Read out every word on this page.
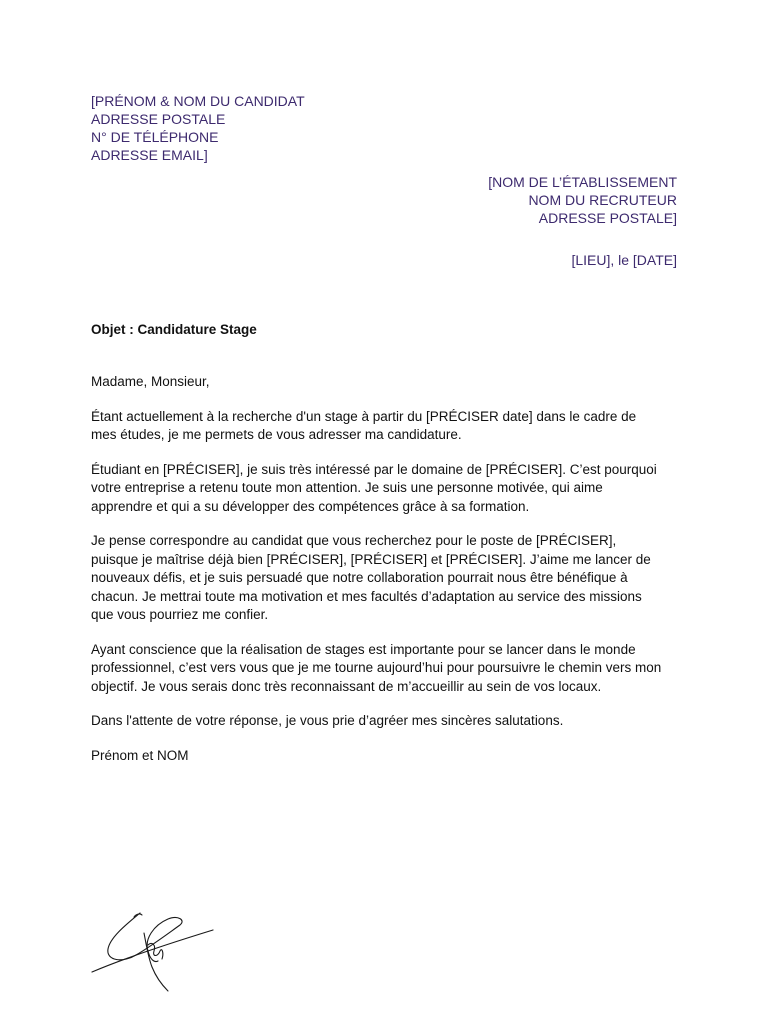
[PRÉNOM & NOM DU CANDIDAT
ADRESSE POSTALE
N° DE TÉLÉPHONE
ADRESSE EMAIL]
[NOM DE L’ÉTABLISSEMENT
NOM DU RECRUTEUR
ADRESSE POSTALE]
[LIEU], le [DATE]
Objet : Candidature Stage

Madame, Monsieur,

Étant actuellement à la recherche d'un stage à partir du [PRÉCISER date] dans le cadre de
mes études, je me permets de vous adresser ma candidature.

Étudiant en [PRÉCISER], je suis très intéressé par le domaine de [PRÉCISER]. C’est pourquoi
votre entreprise a retenu toute mon attention. Je suis une personne motivée, qui aime
apprendre et qui a su développer des compétences grâce à sa formation.

Je pense correspondre au candidat que vous recherchez pour le poste de [PRÉCISER],
puisque je maîtrise déjà bien [PRÉCISER], [PRÉCISER] et [PRÉCISER]. J’aime me lancer de
nouveaux défis, et je suis persuadé que notre collaboration pourrait nous être bénéfique à
chacun. Je mettrai toute ma motivation et mes facultés d’adaptation au service des missions
que vous pourriez me confier.

Ayant conscience que la réalisation de stages est importante pour se lancer dans le monde
professionnel, c’est vers vous que je me tourne aujourd’hui pour poursuivre le chemin vers mon
objectif. Je vous serais donc très reconnaissant de m’accueillir au sein de vos locaux.

Dans l'attente de votre réponse, je vous prie d’agréer mes sincères salutations.

Prénom et NOM
